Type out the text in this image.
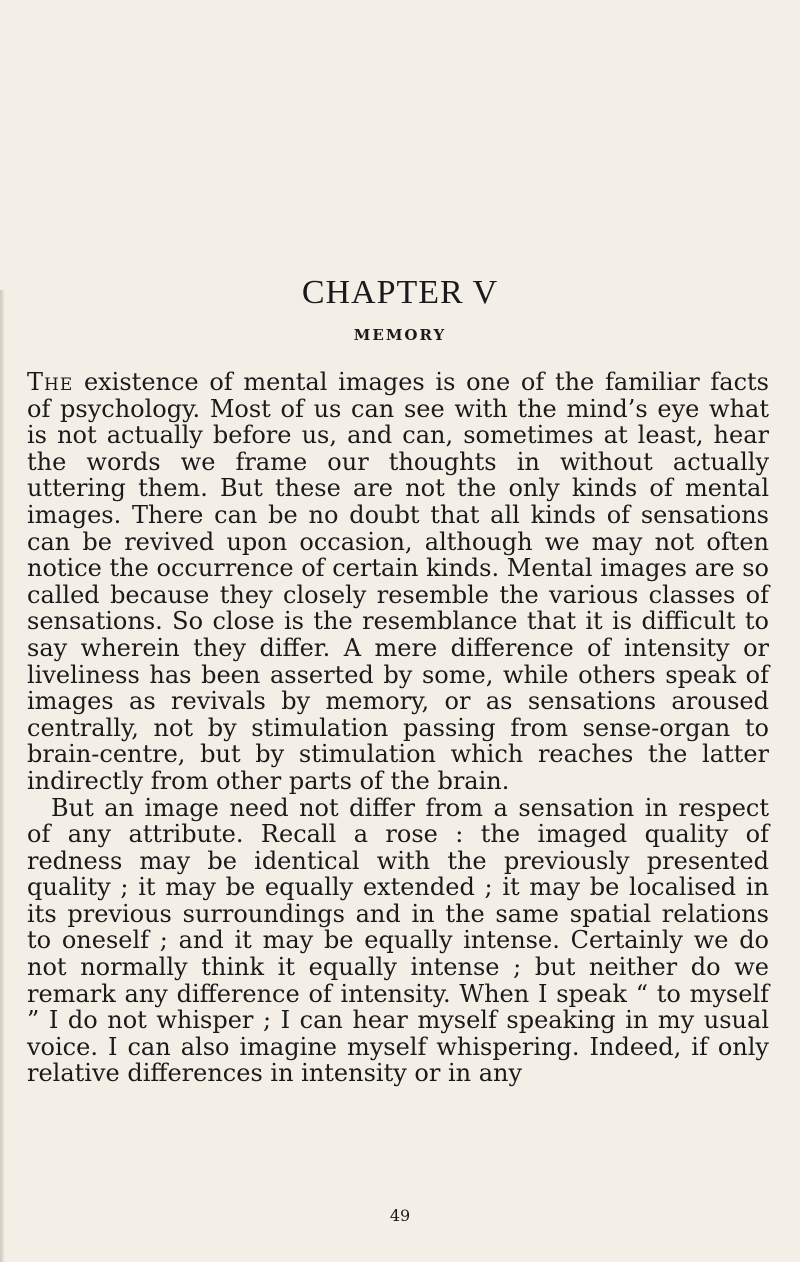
CHAPTER V
MEMORY

The existence of mental images is one of the familiar facts of psychology. Most of us can see with the mind’s eye what is not actually before us, and can, sometimes at least, hear the words we frame our thoughts in without actually uttering them. But these are not the only kinds of mental images. There can be no doubt that all kinds of sensations can be revived upon occasion, although we may not often notice the occurrence of certain kinds. Mental images are so called because they closely resemble the various classes of sensations. So close is the resemblance that it is difficult to say wherein they differ. A mere difference of intensity or liveliness has been asserted by some, while others speak of images as revivals by memory, or as sensations aroused centrally, not by stimulation passing from sense-organ to brain-centre, but by stimulation which reaches the latter indirectly from other parts of the brain.

But an image need not differ from a sensation in respect of any attribute. Recall a rose : the imaged quality of redness may be identical with the previously presented quality ; it may be equally extended ; it may be localised in its previous surroundings and in the same spatial relations to oneself ; and it may be equally intense. Certainly we do not normally think it equally intense ; but neither do we remark any difference of intensity. When I speak “ to myself ” I do not whisper ; I can hear myself speaking in my usual voice. I can also imagine myself whispering. Indeed, if only relative differences in intensity or in any

49
